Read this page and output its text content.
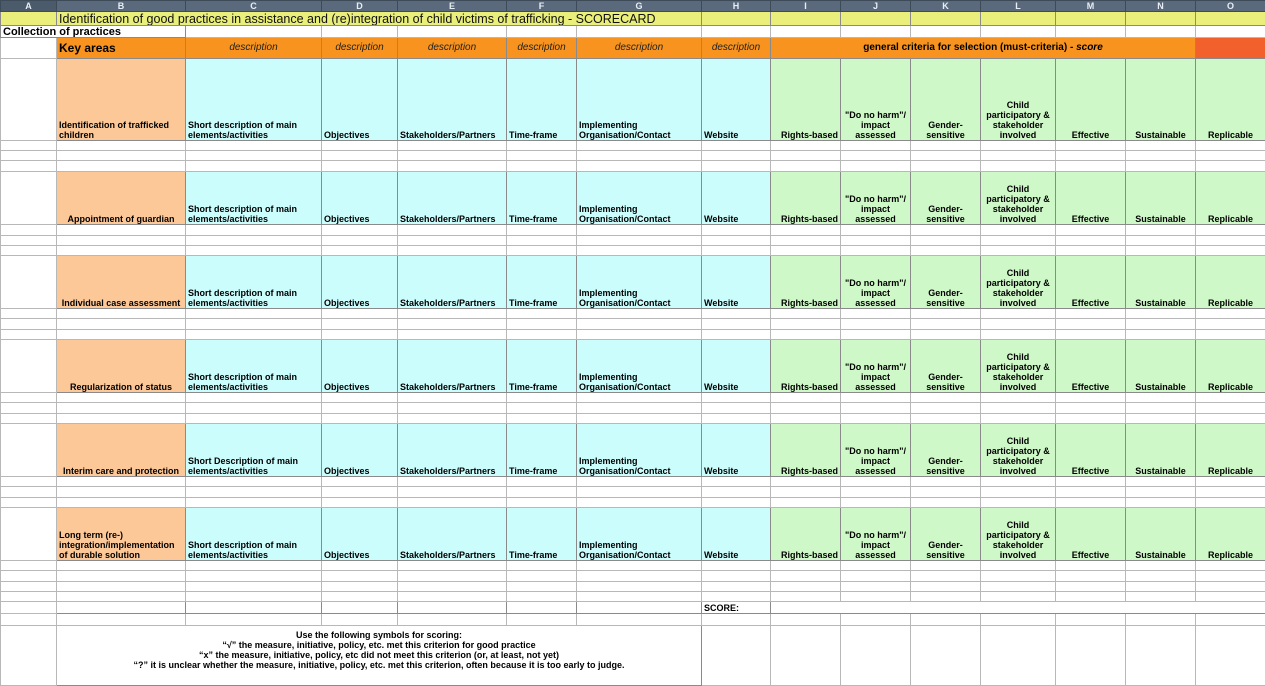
A	B	C	D	E	F	G	H	I	J	K	L	M	N	O
	Identification of good practices in assistance and (re)integration of child victims of trafficking - SCORECARD													
Collection of practices														
	Key areas	description	description	description	description	description	description	general criteria for selection (must-criteria) - score						
	Identification of trafficked children	Short description of main elements/activities	Objectives	Stakeholders/Partners	Time-frame	Implementing Organisation/Contact	Website	Rights-based	"Do no harm"/ impact assessed	Gender-sensitive	Child participatory & stakeholder involved	Effective	Sustainable	Replicable

	Appointment of guardian	Short description of main elements/activities	Objectives	Stakeholders/Partners	Time-frame	Implementing Organisation/Contact	Website	Rights-based	"Do no harm"/ impact assessed	Gender-sensitive	Child participatory & stakeholder involved	Effective	Sustainable	Replicable

	Individual case assessment	Short description of main elements/activities	Objectives	Stakeholders/Partners	Time-frame	Implementing Organisation/Contact	Website	Rights-based	"Do no harm"/ impact assessed	Gender-sensitive	Child participatory & stakeholder involved	Effective	Sustainable	Replicable

	Regularization of status	Short description of main elements/activities	Objectives	Stakeholders/Partners	Time-frame	Implementing Organisation/Contact	Website	Rights-based	"Do no harm"/ impact assessed	Gender-sensitive	Child participatory & stakeholder involved	Effective	Sustainable	Replicable

	Interim care and protection	Short Description of main elements/activities	Objectives	Stakeholders/Partners	Time-frame	Implementing Organisation/Contact	Website	Rights-based	"Do no harm"/ impact assessed	Gender-sensitive	Child participatory & stakeholder involved	Effective	Sustainable	Replicable

	Long term (re-) integration/implementation of durable solution	Short description of main elements/activities	Objectives	Stakeholders/Partners	Time-frame	Implementing Organisation/Contact	Website	Rights-based	"Do no harm"/ impact assessed	Gender-sensitive	Child participatory & stakeholder involved	Effective	Sustainable	Replicable

							SCORE:							

	Use the following symbols for scoring:
“√” the measure, initiative, policy, etc. met this criterion for good practice
“x” the measure, initiative, policy, etc did not meet this criterion (or, at least, not yet)
“?” it is unclear whether the measure, initiative, policy, etc. met this criterion, often because it is too early to judge.													
